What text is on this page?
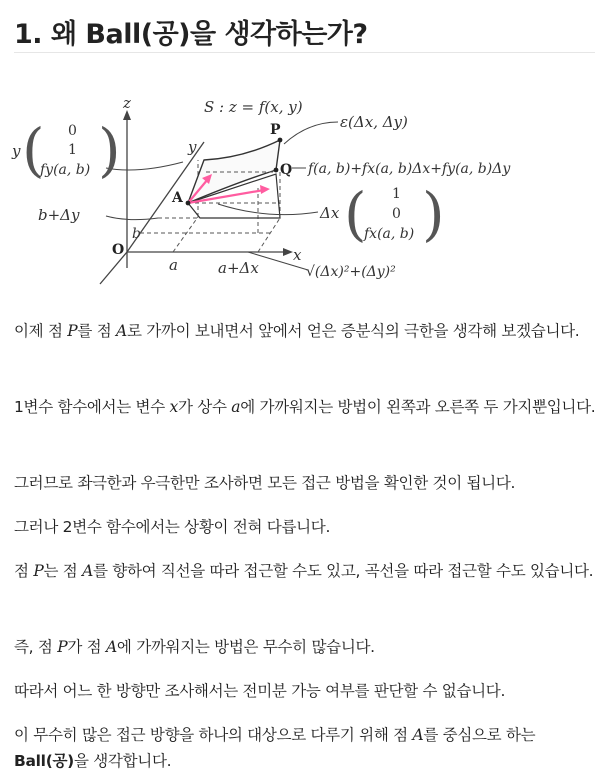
1. 왜 Ball(공)을 생각하는가?
z
y
x
O
S : z = f(x, y)
P
Q
A
ε(Δx, Δy)
f(a, b)+fx(a, b)Δx+fy(a, b)Δy
y ( 0
1
fy(a, b) )
Δx ( 1
0
fx(a, b) )
b+Δy
b
a	a+Δx	√(Δx)²+(Δy)²

이제 점 P를 점 A로 가까이 보내면서 앞에서 얻은 증분식의 극한을 생각해 보겠습니다.

1변수 함수에서는 변수 x가 상수 a에 가까워지는 방법이 왼쪽과 오른쪽 두 가지뿐입니다.

그러므로 좌극한과 우극한만 조사하면 모든 접근 방법을 확인한 것이 됩니다.

그러나 2변수 함수에서는 상황이 전혀 다릅니다.

점 P는 점 A를 향하여 직선을 따라 접근할 수도 있고, 곡선을 따라 접근할 수도 있습니다.

즉, 점 P가 점 A에 가까워지는 방법은 무수히 많습니다.

따라서 어느 한 방향만 조사해서는 전미분 가능 여부를 판단할 수 없습니다.

이 무수히 많은 접근 방향을 하나의 대상으로 다루기 위해 점 A를 중심으로 하는 Ball(공)을 생각합니다.
